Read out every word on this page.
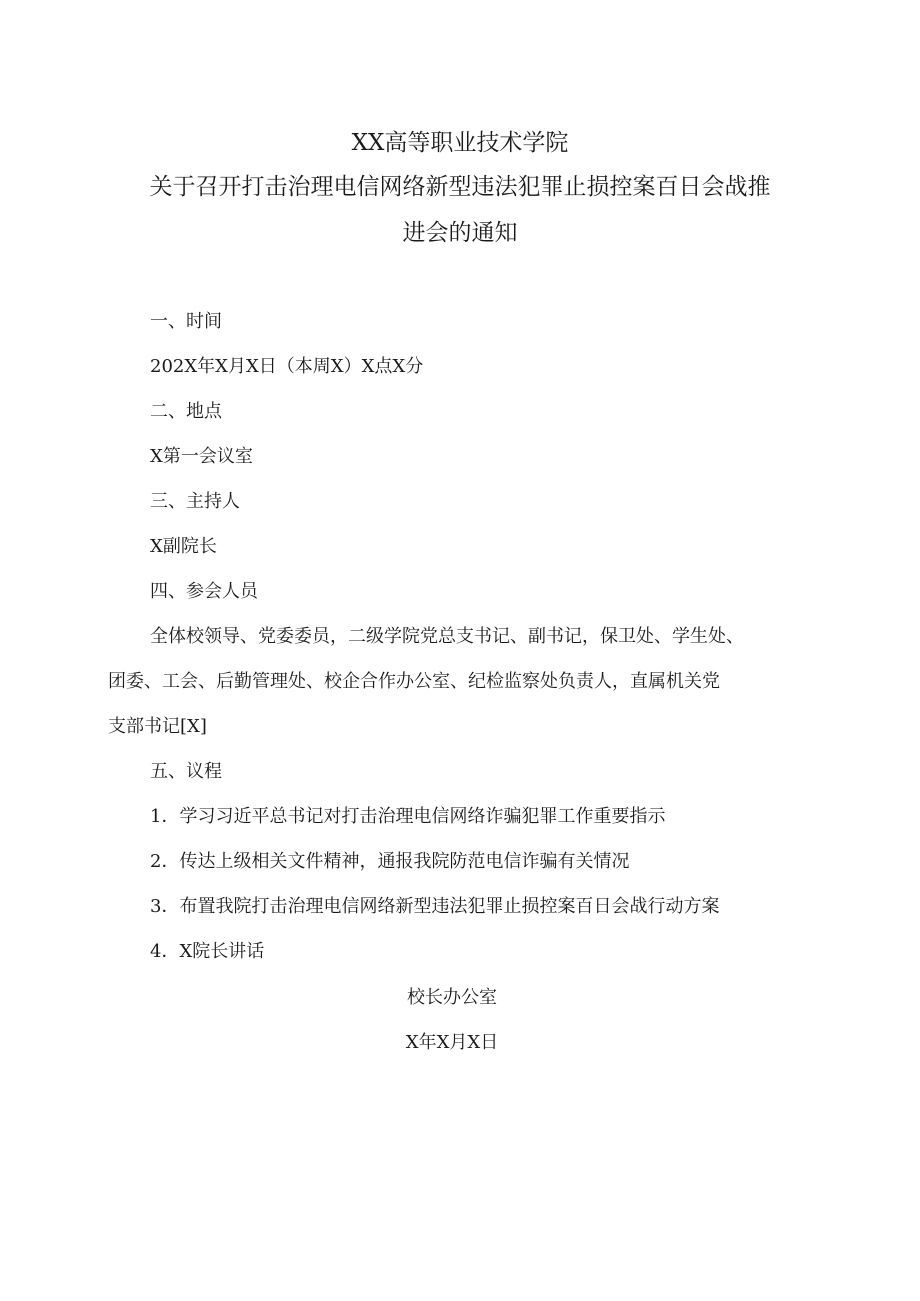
XX高等职业技术学院
关于召开打击治理电信网络新型违法犯罪止损控案百日会战推
进会的通知

一、时间

202X年X月X日（本周X）X点X分

二、地点

X第一会议室

三、主持人

X副院长

四、参会人员

全体校领导、党委委员，二级学院党总支书记、副书记，保卫处、学生处、

团委、工会、后勤管理处、校企合作办公室、纪检监察处负责人，直属机关党

支部书记[X]

五、议程

1．学习习近平总书记对打击治理电信网络诈骗犯罪工作重要指示

2．传达上级相关文件精神，通报我院防范电信诈骗有关情况

3．布置我院打击治理电信网络新型违法犯罪止损控案百日会战行动方案

4．X院长讲话

校长办公室

X年X月X日
